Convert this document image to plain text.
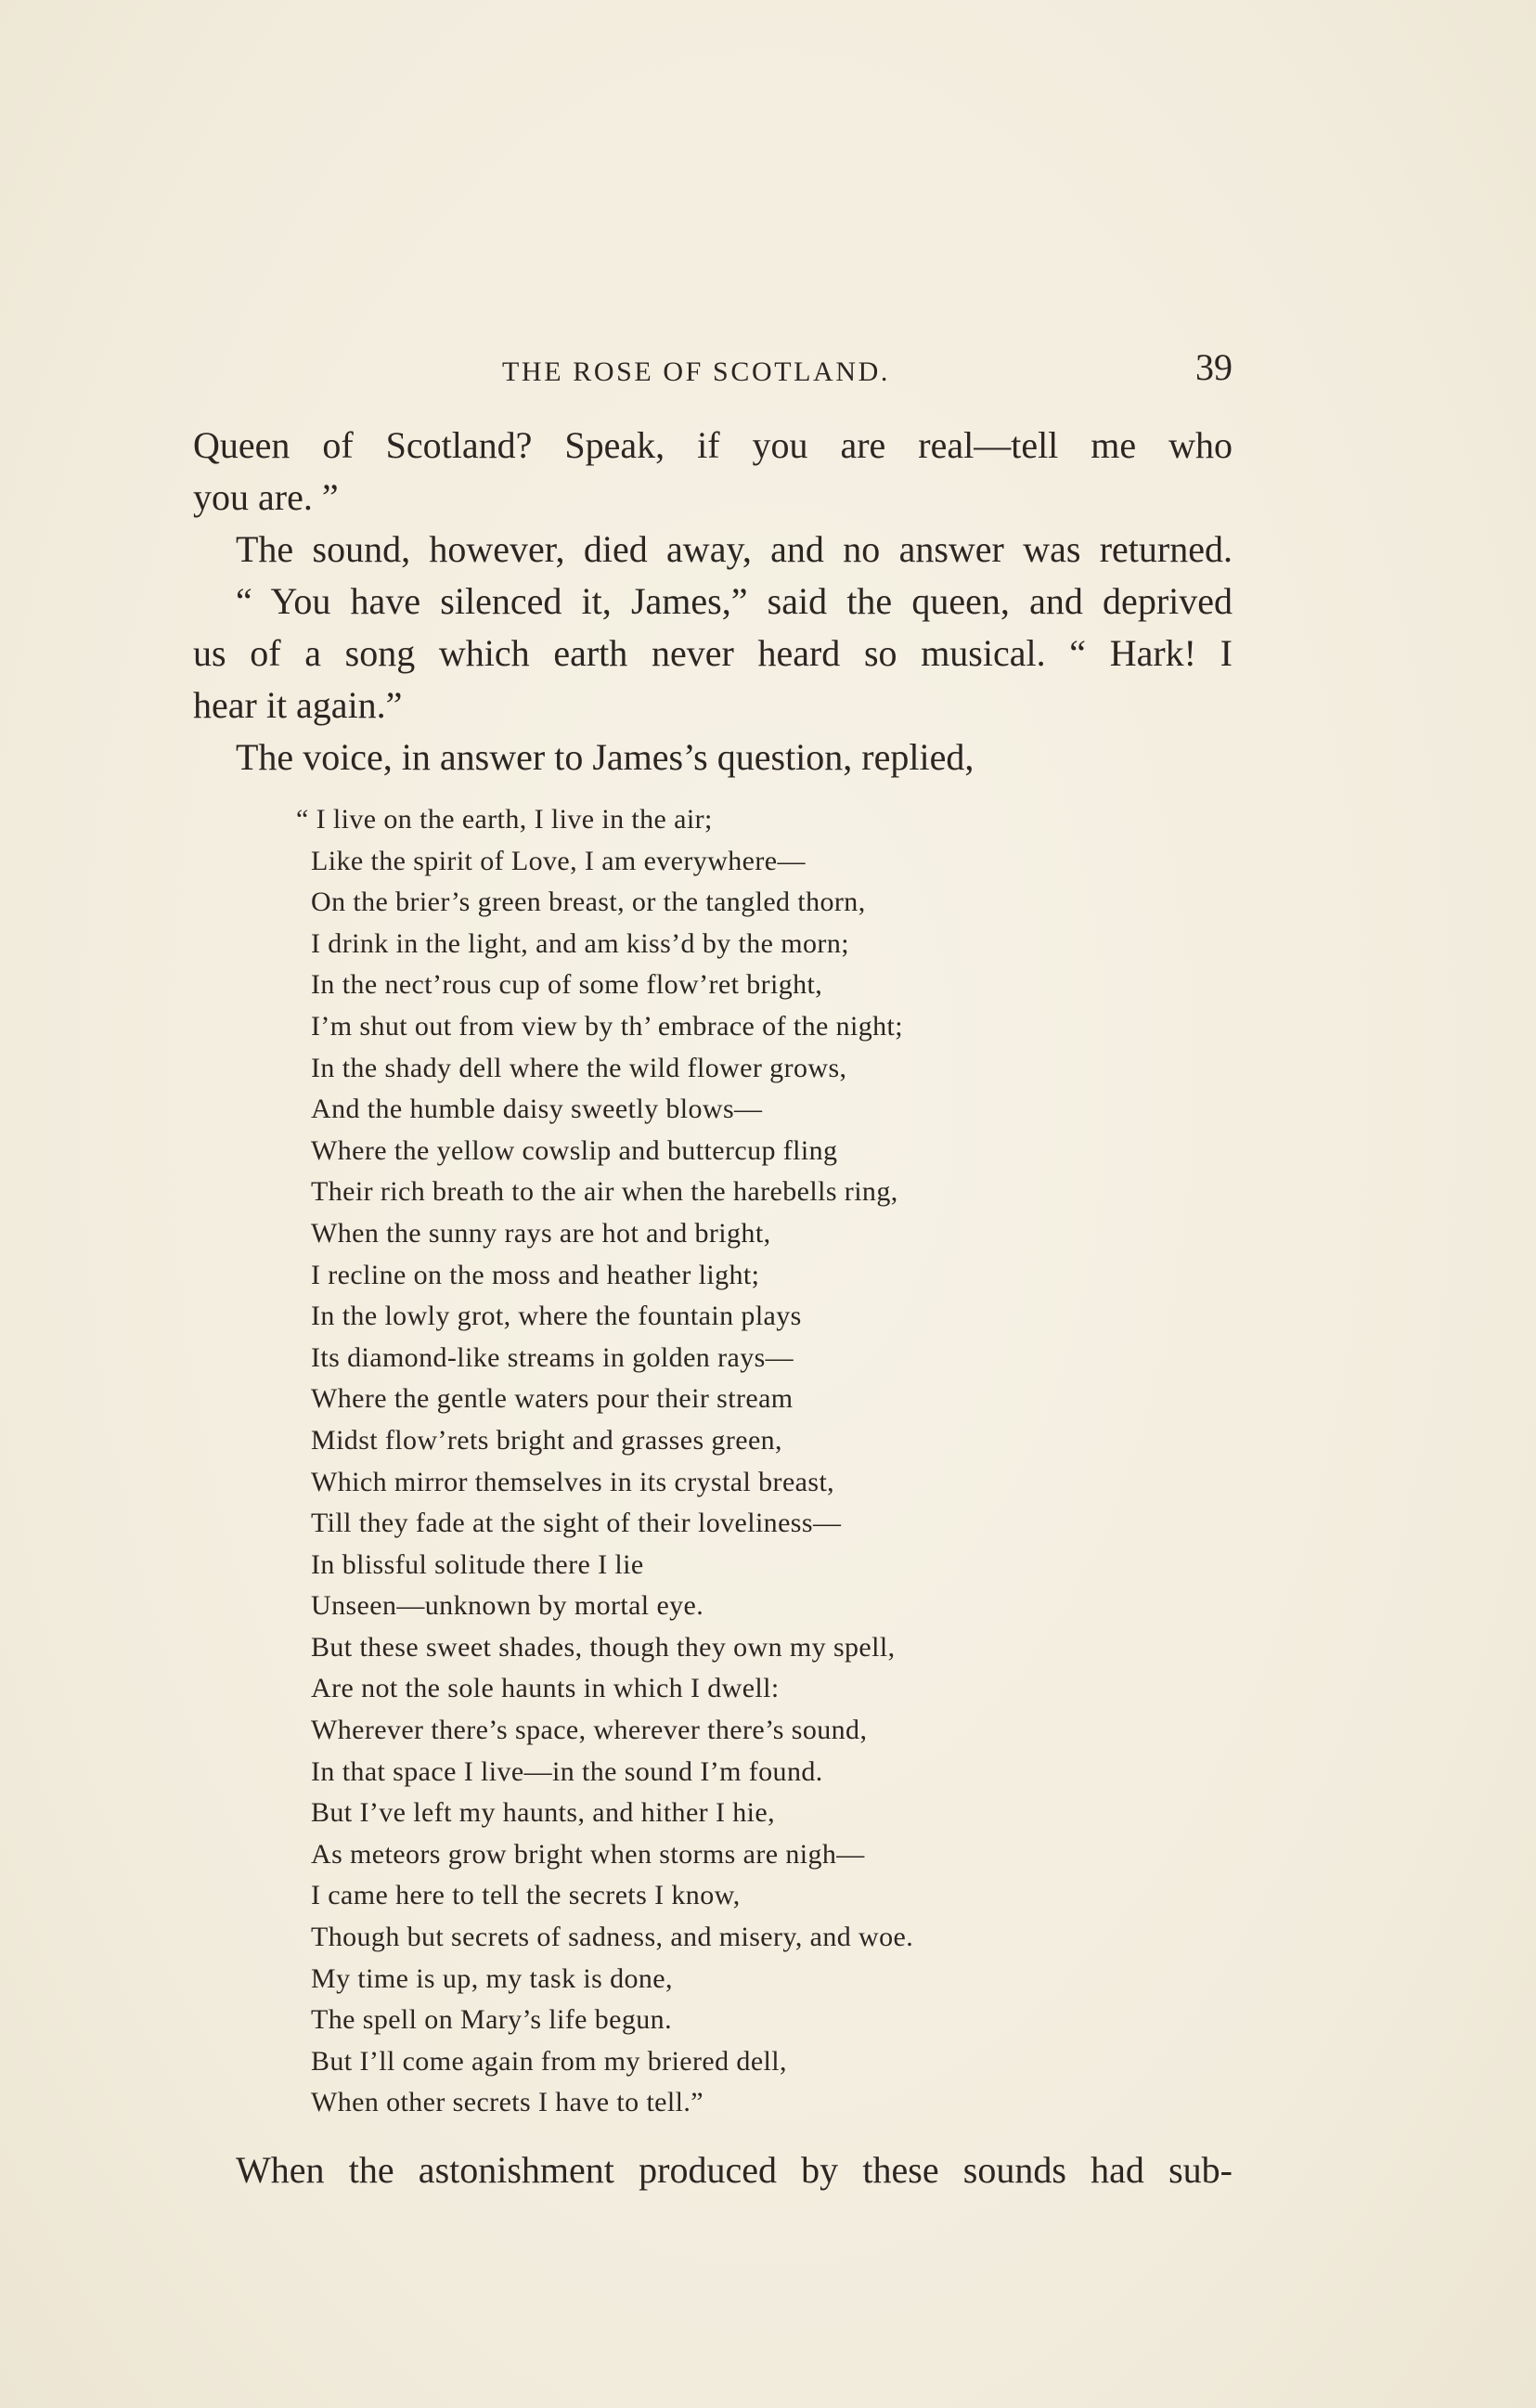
THE ROSE OF SCOTLAND.	39
Queen of Scotland? Speak, if you are real—tell me who
you are. ”
The sound, however, died away, and no answer was returned.
“ You have silenced it, James,” said the queen, and deprived
us of a song which earth never heard so musical. “ Hark! I
hear it again.”
The voice, in answer to James’s question, replied,
“ I live on the earth, I live in the air;
Like the spirit of Love, I am everywhere—
On the brier’s green breast, or the tangled thorn,
I drink in the light, and am kiss’d by the morn;
In the nect’rous cup of some flow’ret bright,
I’m shut out from view by th’ embrace of the night;
In the shady dell where the wild flower grows,
And the humble daisy sweetly blows—
Where the yellow cowslip and buttercup fling
Their rich breath to the air when the harebells ring,
When the sunny rays are hot and bright,
I recline on the moss and heather light;
In the lowly grot, where the fountain plays
Its diamond-like streams in golden rays—
Where the gentle waters pour their stream
Midst flow’rets bright and grasses green,
Which mirror themselves in its crystal breast,
Till they fade at the sight of their loveliness—
In blissful solitude there I lie
Unseen—unknown by mortal eye.
But these sweet shades, though they own my spell,
Are not the sole haunts in which I dwell:
Wherever there’s space, wherever there’s sound,
In that space I live—in the sound I’m found.
But I’ve left my haunts, and hither I hie,
As meteors grow bright when storms are nigh—
I came here to tell the secrets I know,
Though but secrets of sadness, and misery, and woe.
My time is up, my task is done,
The spell on Mary’s life begun.
But I’ll come again from my briered dell,
When other secrets I have to tell.”
When the astonishment produced by these sounds had sub-
